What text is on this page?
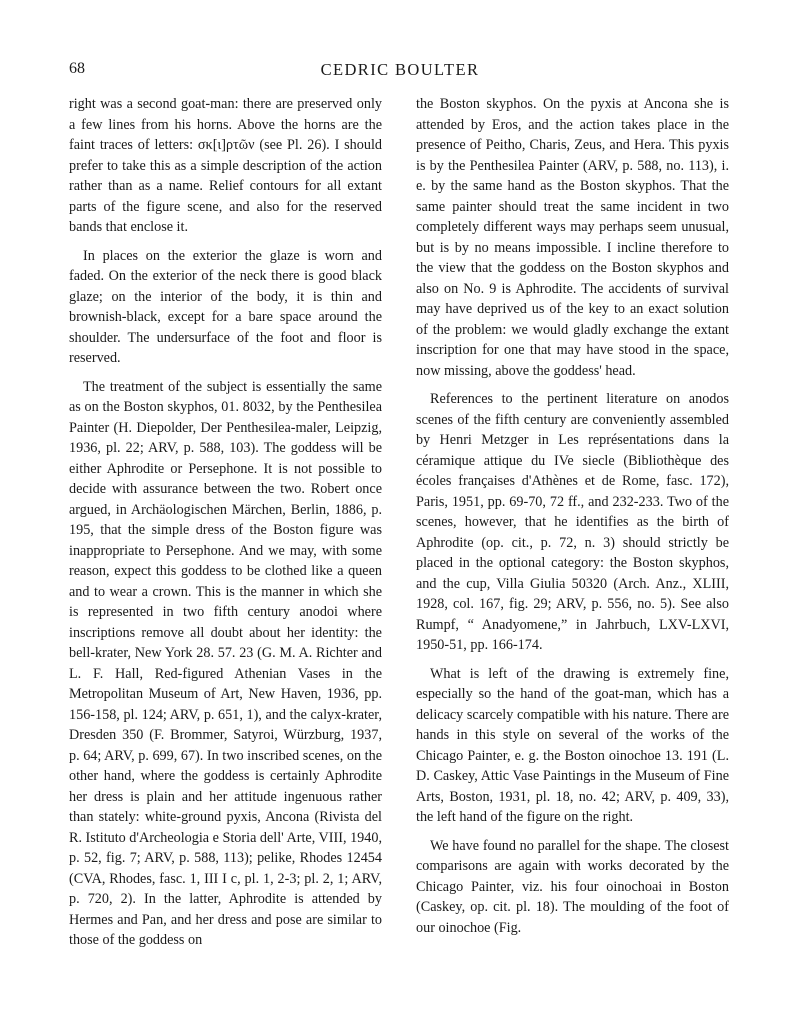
68	CEDRIC BOULTER

right was a second goat-man: there are preserved only a few lines from his horns. Above the horns are the faint traces of letters: σκ[ι]ρτῶν (see Pl. 26). I should prefer to take this as a simple description of the action rather than as a name. Relief contours for all extant parts of the figure scene, and also for the reserved bands that enclose it.

In places on the exterior the glaze is worn and faded. On the exterior of the neck there is good black glaze; on the interior of the body, it is thin and brownish-black, except for a bare space around the shoulder. The undersurface of the foot and floor is reserved.

The treatment of the subject is essentially the same as on the Boston skyphos, 01. 8032, by the Penthesilea Painter (H. Diepolder, Der Penthesilea-maler, Leipzig, 1936, pl. 22; ARV, p. 588, 103). The goddess will be either Aphrodite or Persephone. It is not possible to decide with assurance between the two. Robert once argued, in Archäologischen Märchen, Berlin, 1886, p. 195, that the simple dress of the Boston figure was inappropriate to Persephone. And we may, with some reason, expect this goddess to be clothed like a queen and to wear a crown. This is the manner in which she is represented in two fifth century anodoi where inscriptions remove all doubt about her identity: the bell-krater, New York 28. 57. 23 (G. M. A. Richter and L. F. Hall, Red-figured Athenian Vases in the Metropolitan Museum of Art, New Haven, 1936, pp. 156-158, pl. 124; ARV, p. 651, 1), and the calyx-krater, Dresden 350 (F. Brommer, Satyroi, Würzburg, 1937, p. 64; ARV, p. 699, 67). In two inscribed scenes, on the other hand, where the goddess is certainly Aphrodite her dress is plain and her attitude ingenuous rather than stately: white-ground pyxis, Ancona (Rivista del R. Istituto d'Archeologia e Storia dell' Arte, VIII, 1940, p. 52, fig. 7; ARV, p. 588, 113); pelike, Rhodes 12454 (CVA, Rhodes, fasc. 1, III I c, pl. 1, 2-3; pl. 2, 1; ARV, p. 720, 2). In the latter, Aphrodite is attended by Hermes and Pan, and her dress and pose are similar to those of the goddess on

the Boston skyphos. On the pyxis at Ancona she is attended by Eros, and the action takes place in the presence of Peitho, Charis, Zeus, and Hera. This pyxis is by the Penthesilea Painter (ARV, p. 588, no. 113), i. e. by the same hand as the Boston skyphos. That the same painter should treat the same incident in two completely different ways may perhaps seem unusual, but is by no means impossible. I incline therefore to the view that the goddess on the Boston skyphos and also on No. 9 is Aphrodite. The accidents of survival may have deprived us of the key to an exact solution of the problem: we would gladly exchange the extant inscription for one that may have stood in the space, now missing, above the goddess' head.

References to the pertinent literature on anodos scenes of the fifth century are conveniently assembled by Henri Metzger in Les représentations dans la céramique attique du IVe siecle (Bibliothèque des écoles françaises d'Athènes et de Rome, fasc. 172), Paris, 1951, pp. 69-70, 72 ff., and 232-233. Two of the scenes, however, that he identifies as the birth of Aphrodite (op. cit., p. 72, n. 3) should strictly be placed in the optional category: the Boston skyphos, and the cup, Villa Giulia 50320 (Arch. Anz., XLIII, 1928, col. 167, fig. 29; ARV, p. 556, no. 5). See also Rumpf, “ Anadyomene,” in Jahrbuch, LXV-LXVI, 1950-51, pp. 166-174.

What is left of the drawing is extremely fine, especially so the hand of the goat-man, which has a delicacy scarcely compatible with his nature. There are hands in this style on several of the works of the Chicago Painter, e. g. the Boston oinochoe 13. 191 (L. D. Caskey, Attic Vase Paintings in the Museum of Fine Arts, Boston, 1931, pl. 18, no. 42; ARV, p. 409, 33), the left hand of the figure on the right.

We have found no parallel for the shape. The closest comparisons are again with works decorated by the Chicago Painter, viz. his four oinochoai in Boston (Caskey, op. cit. pl. 18). The moulding of the foot of our oinochoe (Fig.
